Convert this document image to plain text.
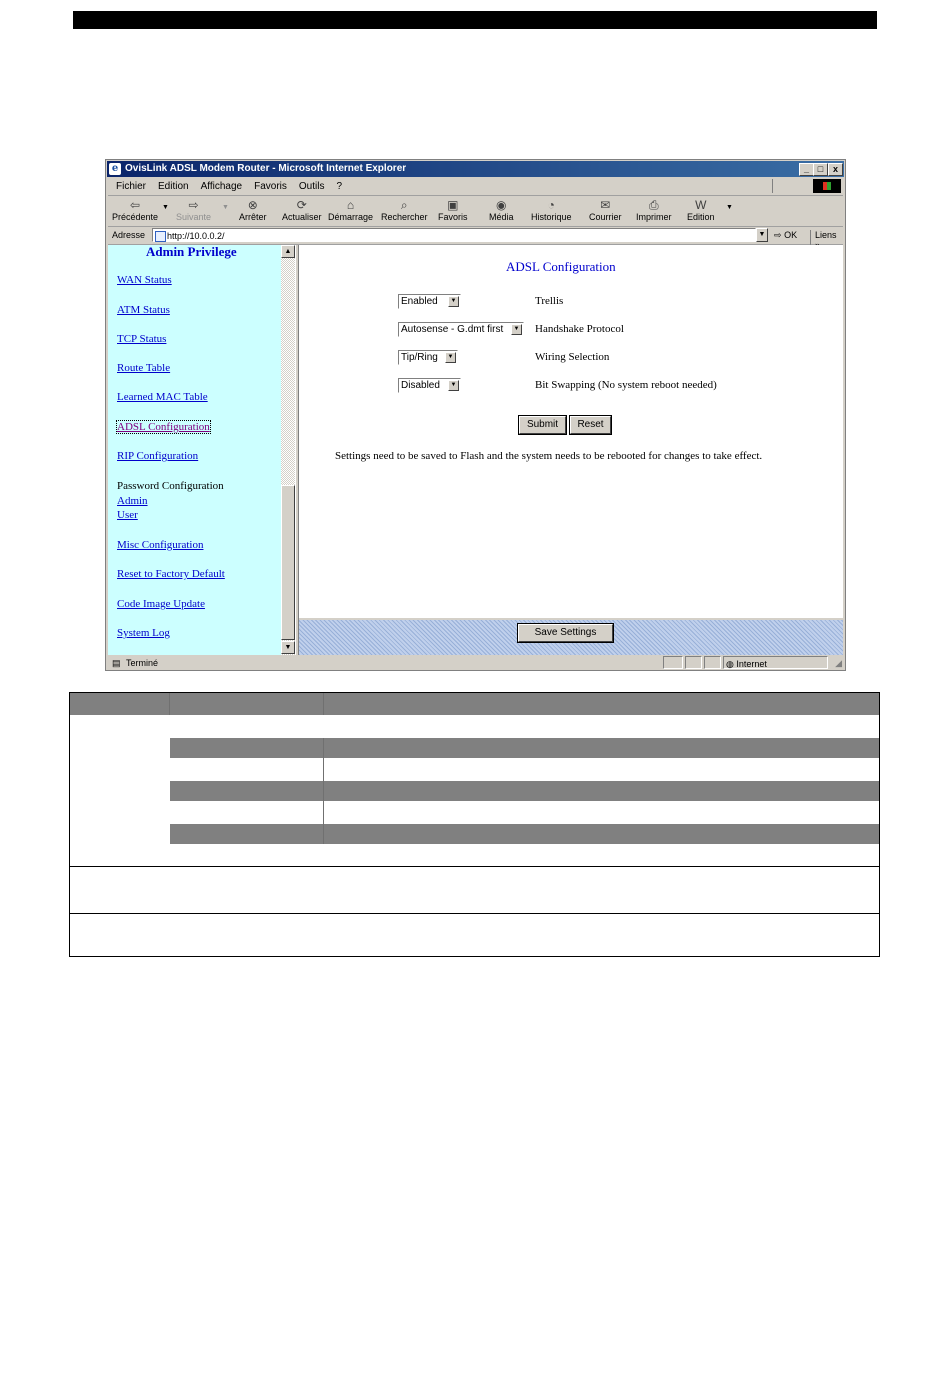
e OvisLink ADSL Modem Router - Microsoft Internet Explorer	_ □	x
Fichier Edition Affichage Favoris Outils ?
⇦
Précédente
▼	⇨
Suivante
▼	⊗
Arrêter
⟳
Actualiser
⌂
Démarrage
⌕
Rechercher
▣
Favoris
◉
Média
◔
Historique
✉
Courrier
⎙
Imprimer
W
Edition
▼
Adresse	http://10.0.0.2/	▼ ⇨ OK	Liens
Admin Privilege
WAN Status
ATM Status
TCP Status
Route Table
Learned MAC Table
ADSL Configuration
RIP Configuration
Password Configuration
Admin
User
Misc Configuration
Reset to Factory Default
Code Image Update
System Log
▲
▼
ADSL Configuration
Enabled	▼	Trellis
Autosense - G.dmt first	▼ Handshake Protocol
Tip/Ring	▼	Wiring Selection
Disabled	▼	Bit Swapping (No system reboot needed)
Submit	Reset
Settings need to be saved to Flash and the system needs to be rebooted for changes to take effect.
Save Settings
▤ Terminé	◍ Internet	◢
